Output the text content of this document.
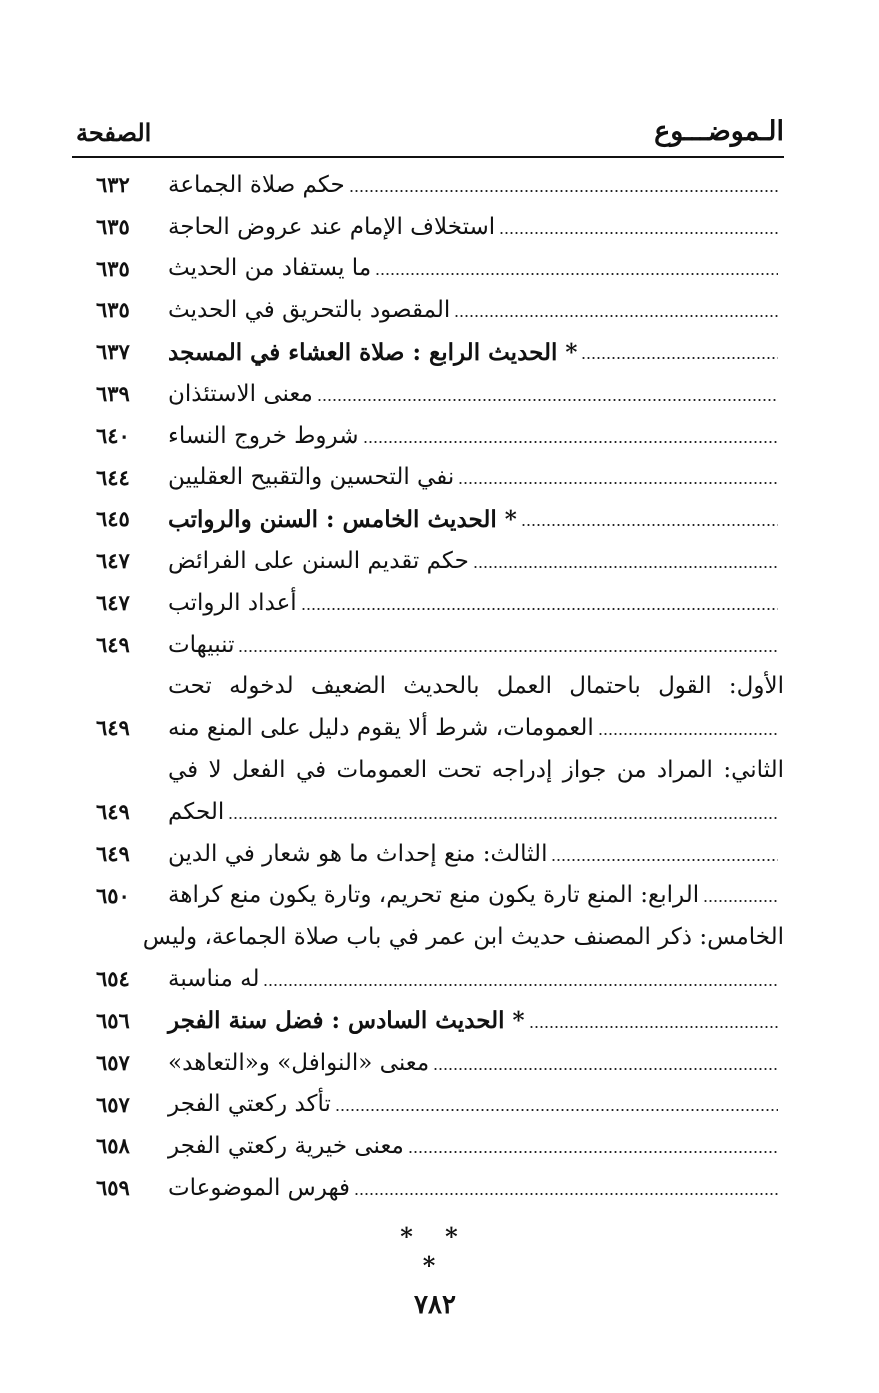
الـموضـــوع
الصفحة
حكم صلاة الجماعة
٦٣٢
استخلاف الإمام عند عروض الحاجة
٦٣٥
ما يستفاد من الحديث
٦٣٥
المقصود بالتحريق في الحديث
٦٣٥
* الحديث الرابع : صلاة العشاء في المسجد
٦٣٧
معنى الاستئذان
٦٣٩
شروط خروج النساء
٦٤٠
نفي التحسين والتقبيح العقليين
٦٤٤
* الحديث الخامس : السنن والرواتب
٦٤٥
حكم تقديم السنن على الفرائض
٦٤٧
أعداد الرواتب
٦٤٧
تنبيهات
٦٤٩
الأول: القول باحتمال العمل بالحديث الضعيف لدخوله تحت
العمومات، شرط ألا يقوم دليل على المنع منه
٦٤٩
الثاني: المراد من جواز إدراجه تحت العمومات في الفعل لا في
الحكم
٦٤٩
الثالث: منع إحداث ما هو شعار في الدين
٦٤٩
الرابع: المنع تارة يكون منع تحريم، وتارة يكون منع كراهة
٦٥٠
الخامس: ذكر المصنف حديث ابن عمر في باب صلاة الجماعة، وليس
له مناسبة
٦٥٤
* الحديث السادس : فضل سنة الفجر
٦٥٦
معنى «النوافل» و«التعاهد»
٦٥٧
تأكد ركعتي الفجر
٦٥٧
معنى خيرية ركعتي الفجر
٦٥٨
فهرس الموضوعات
٦٥٩
* * *
٧٨٢
